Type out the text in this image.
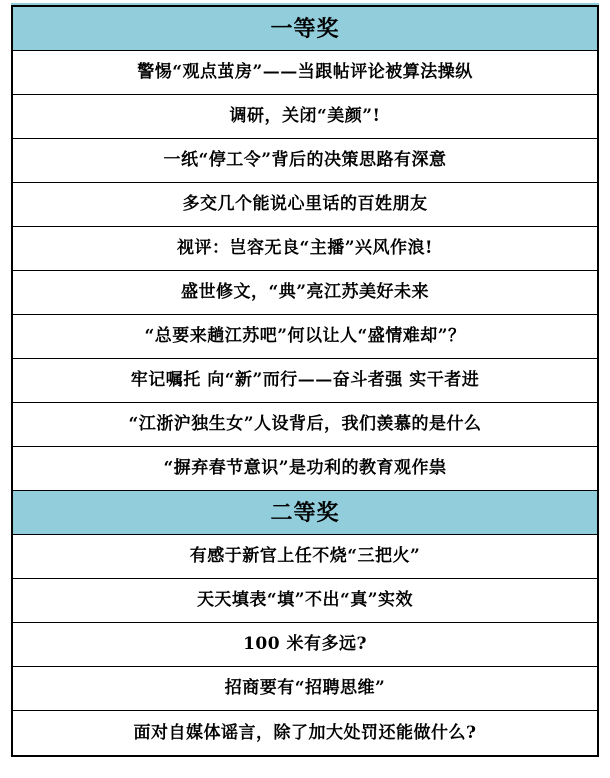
一等奖
警惕“观点茧房”——当跟帖评论被算法操纵
调研，关闭“美颜”!
一纸“停工令”背后的决策思路有深意
多交几个能说心里话的百姓朋友
视评：岂容无良“主播”兴风作浪!
盛世修文，“典”亮江苏美好未来
“总要来趟江苏吧”何以让人“盛情难却”？
牢记嘱托 向“新”而行——奋斗者强 实干者进
“江浙沪独生女”人设背后，我们羡慕的是什么
“摒弃春节意识”是功利的教育观作祟
二等奖
有感于新官上任不烧“三把火”
天天填表“填”不出“真”实效
100 米有多远?
招商要有“招聘思维”
面对自媒体谣言，除了加大处罚还能做什么?
